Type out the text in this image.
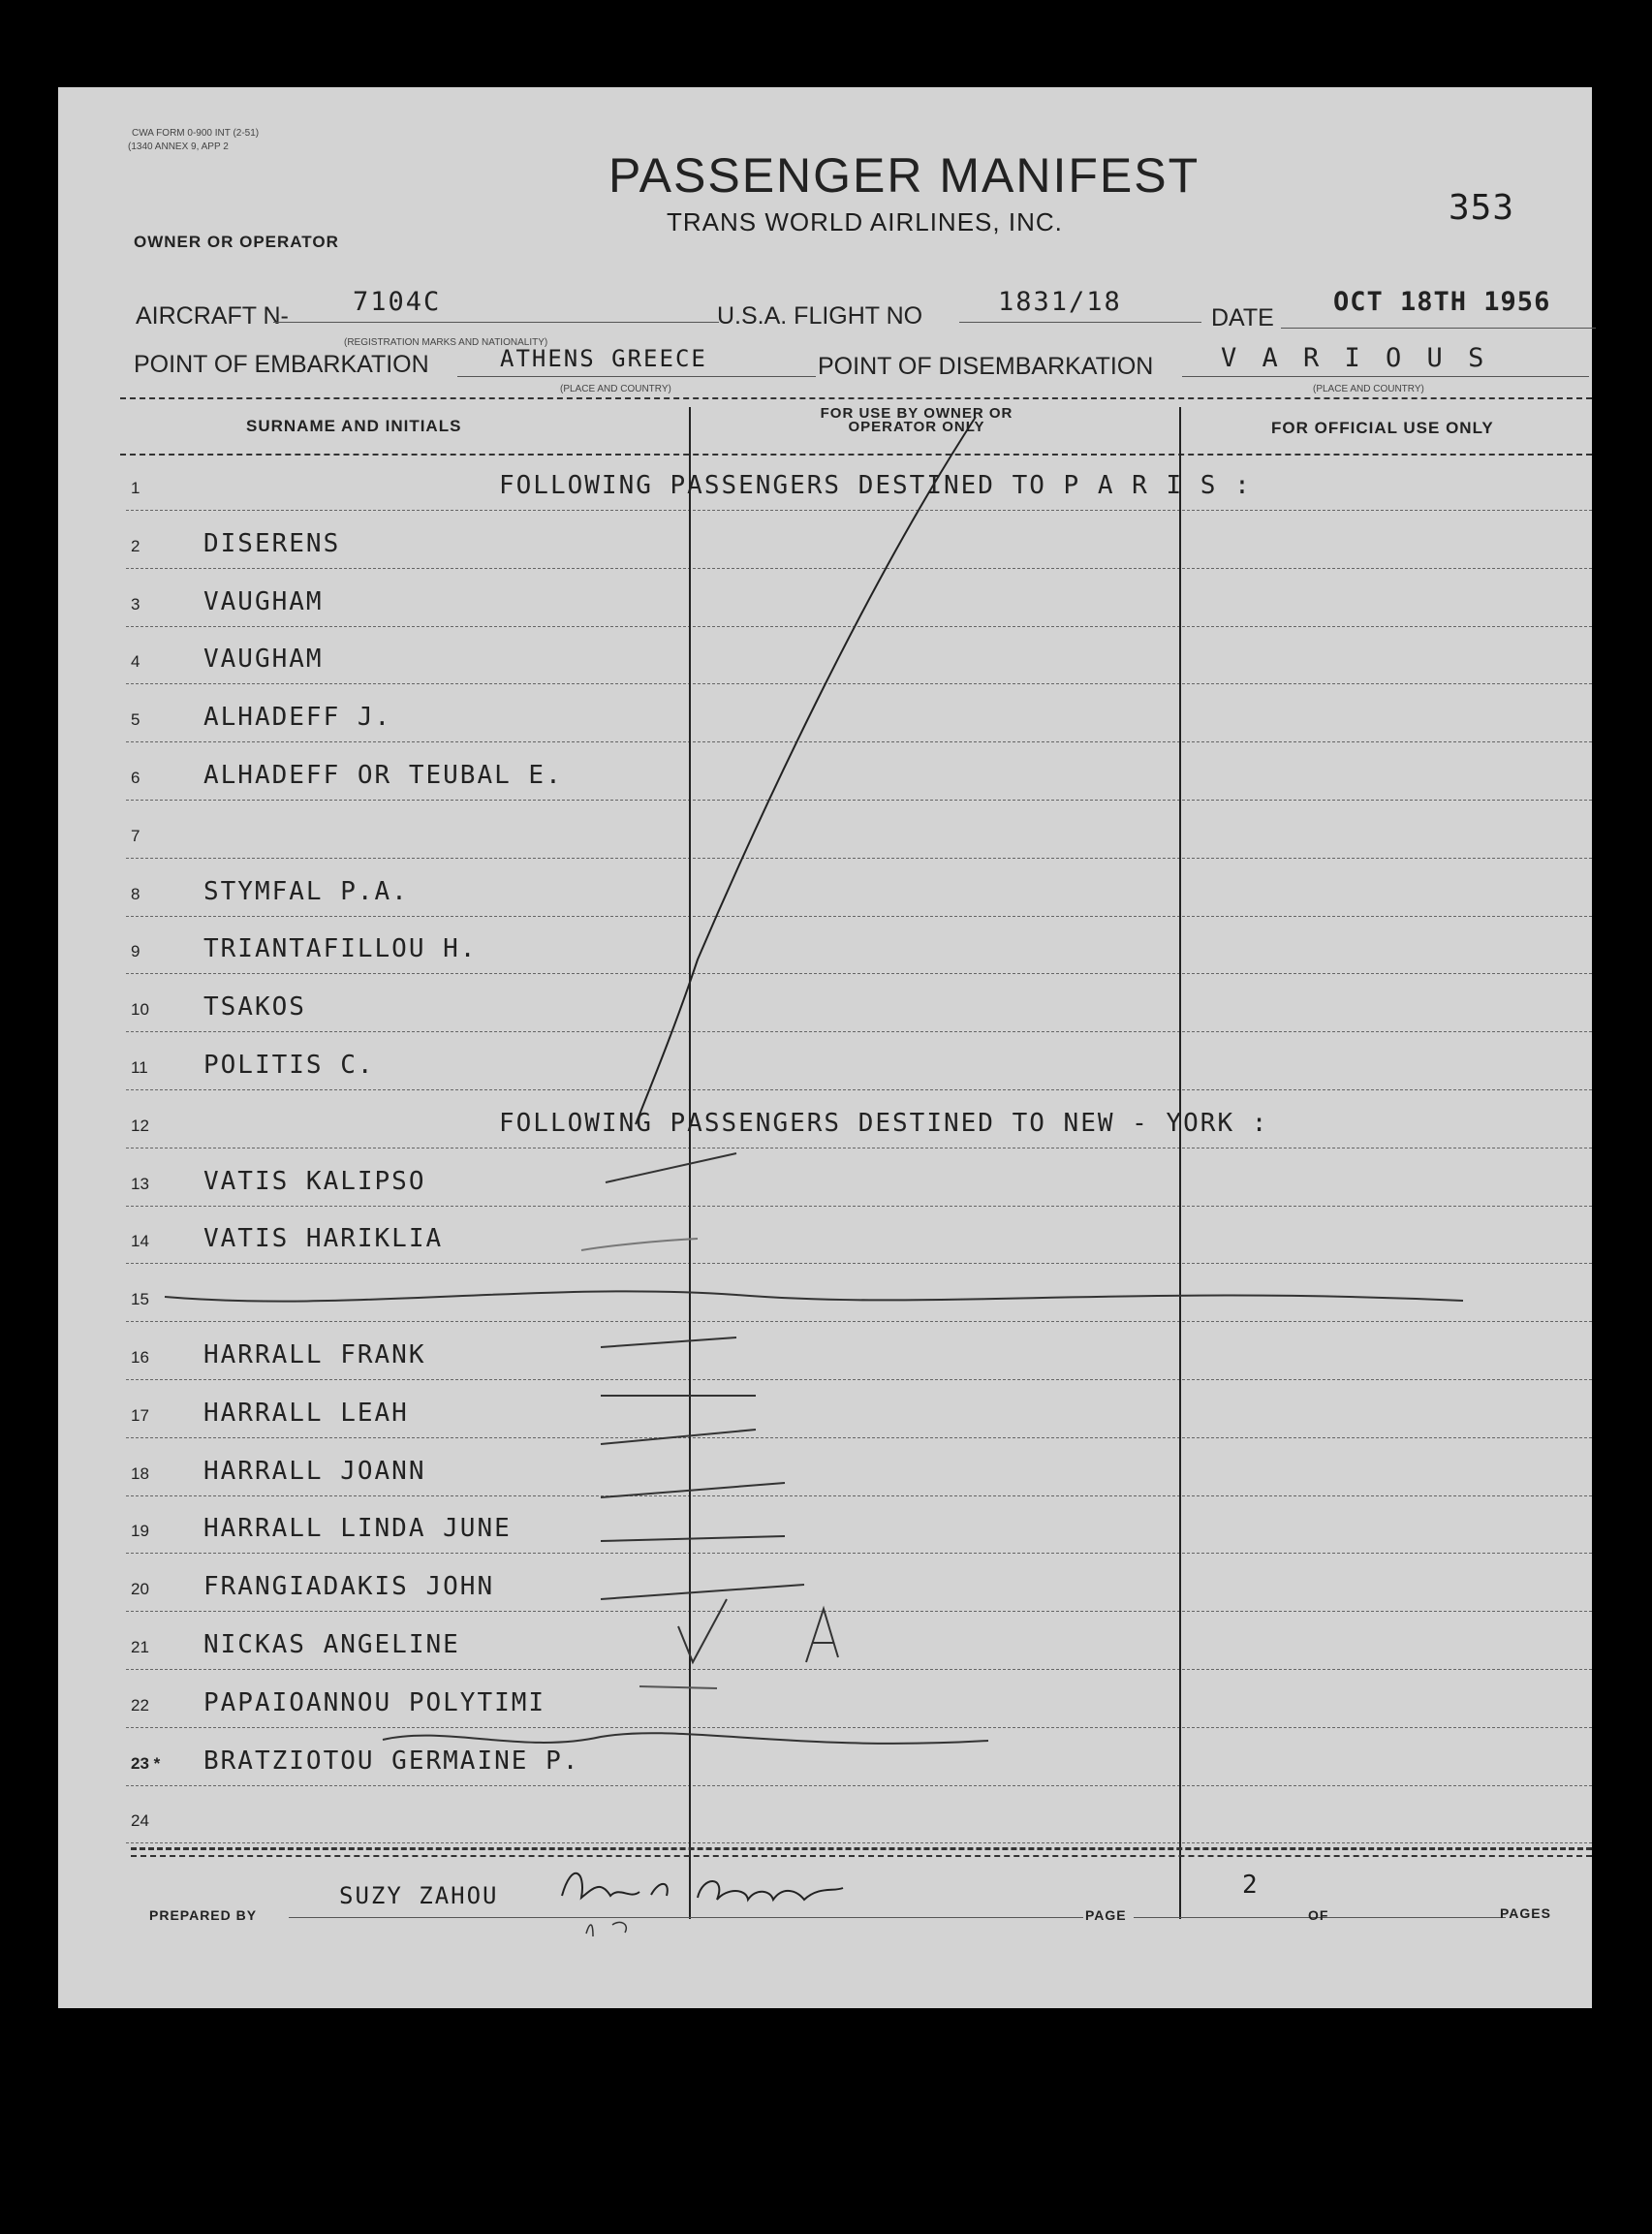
CWA FORM 0-900 INT (2-51)
(1340 ANNEX 9, APP 2
PASSENGER MANIFEST
TRANS WORLD AIRLINES, INC.
OWNER OR OPERATOR
353
AIRCRAFT N- 7104C
(REGISTRATION MARKS AND NATIONALITY)
U.S.A. FLIGHT NO	1831/18
DATE
OCT 18TH 1956
POINT OF EMBARKATION	ATHENS GREECE
(PLACE AND COUNTRY)
POINT OF DISEMBARKATION	V A R I O U S
(PLACE AND COUNTRY)
SURNAME AND INITIALS
FOR USE BY OWNER OR OPERATOR ONLY	FOR OFFICIAL USE ONLY
1	FOLLOWING PASSENGERS DESTINED TO P A R I S :
2	DISERENS
3	VAUGHAM
4	VAUGHAM
5	ALHADEFF J.
6	ALHADEFF OR TEUBAL E.
7
8	STYMFAL P.A.
9	TRIANTAFILLOU H.
10	TSAKOS
11	POLITIS C.
12	FOLLOWING PASSENGERS DESTINED TO NEW - YORK :
13	VATIS KALIPSO
14	VATIS HARIKLIA
15
16	HARRALL FRANK
17	HARRALL LEAH
18	HARRALL JOANN
19	HARRALL LINDA JUNE
20	FRANGIADAKIS JOHN
21	NICKAS ANGELINE
22	PAPAIOANNOU POLYTIMI
23 * BRATZIOTOU GERMAINE P.
24
SUZY ZAHOU
PREPARED BY	PAGE
2
OF	PAGES
